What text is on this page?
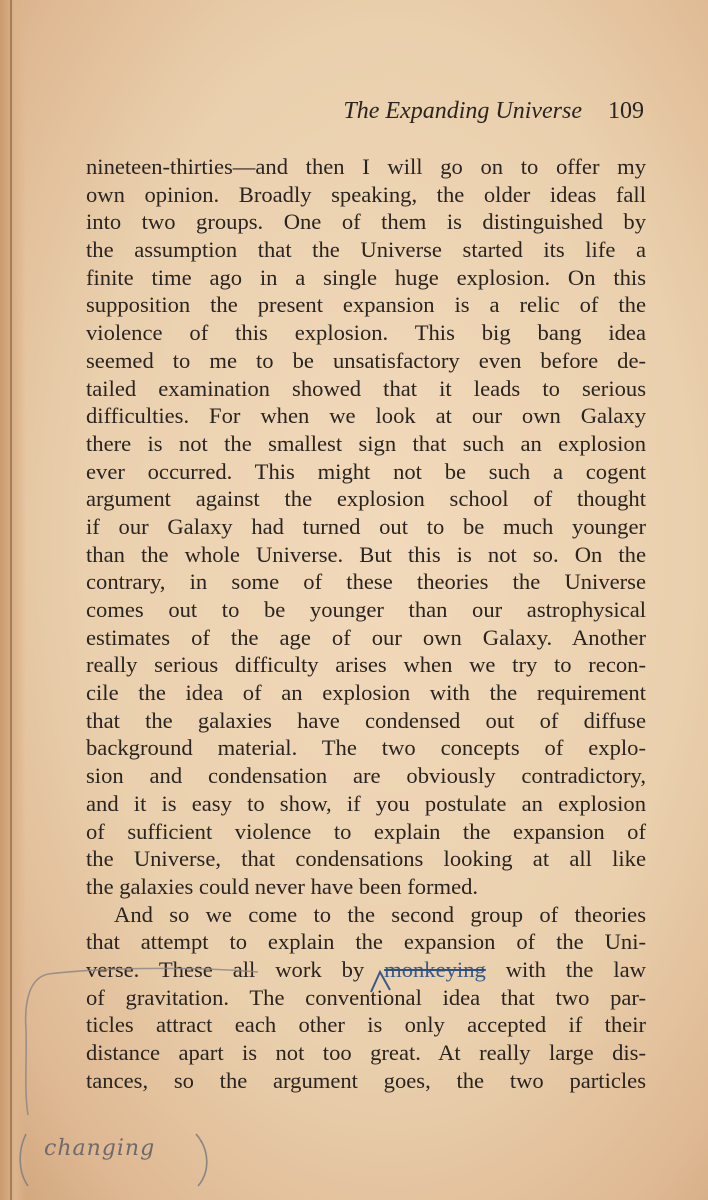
The Expanding Universe 109
nineteen-thirties—and then I will go on to offer my
own opinion. Broadly speaking, the older ideas fall
into two groups. One of them is distinguished by
the assumption that the Universe started its life a
finite time ago in a single huge explosion. On this
supposition the present expansion is a relic of the
violence of this explosion. This big bang idea
seemed to me to be unsatisfactory even before de-
tailed examination showed that it leads to serious
difficulties. For when we look at our own Galaxy
there is not the smallest sign that such an explosion
ever occurred. This might not be such a cogent
argument against the explosion school of thought
if our Galaxy had turned out to be much younger
than the whole Universe. But this is not so. On the
contrary, in some of these theories the Universe
comes out to be younger than our astrophysical
estimates of the age of our own Galaxy. Another
really serious difficulty arises when we try to recon-
cile the idea of an explosion with the requirement
that the galaxies have condensed out of diffuse
background material. The two concepts of explo-
sion and condensation are obviously contradictory,
and it is easy to show, if you postulate an explosion
of sufficient violence to explain the expansion of
the Universe, that condensations looking at all like
the galaxies could never have been formed.
And so we come to the second group of theories
that attempt to explain the expansion of the Uni-
verse. These all work by monkeying with the law
of gravitation. The conventional idea that two par-
ticles attract each other is only accepted if their
distance apart is not too great. At really large dis-
tances, so the argument goes, the two particles
changing
